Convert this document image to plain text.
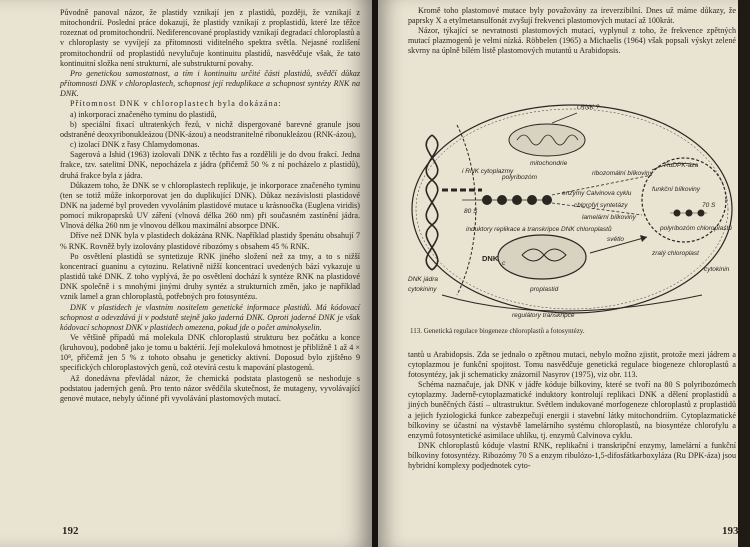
Původně panoval názor, že plastidy vznikají jen z plastidů, později, že vznikají z mitochondrií. Poslední práce dokazují, že plastidy vznikají z proplastidů, které lze těžce rozeznat od promitochondrií. Nediferencované proplastidy vznikají degradací chloroplastů a v chloroplasty se vyvíjejí za přítomnosti viditelného spektra světla. Nejasné rozlišení promitochondrií od proplastidů nevylučuje kontinuitu plastidů, nasvědčuje však, že tato kontinuitní složka není strukturní, ale substrukturní povahy.

Pro genetickou samostatnost, a tím i kontinuitu určité části plastidů, svědčí důkaz přítomnosti DNK v chloroplastech, schopnost její reduplikace a schopnost syntézy RNK na DNK.

Přítomnost DNK v chloroplastech byla dokázána:

a) inkorporací značeného tyminu do plastidů,

b) speciální fixací ultratenkých řezů, v nichž dispergované barevné granule jsou odstraněné deoxyribonukleázou (DNK-ázou) a neodstranitelné ribonukleázou (RNK-ázou),

c) izolací DNK z řasy Chlamydomonas.

Sagerová a Ishid (1963) izolovali DNK z těchto řas a rozdělili je do dvou frakcí. Jedna frakce, tzv. satelitní DNK, nepocházela z jádra (přičemž 50 % z ní pocházelo z plastidů), druhá frakce byla z jádra.

Důkazem toho, že DNK se v chloroplastech replikuje, je inkorporace značeného tyminu (ten se totiž může inkorporovat jen do duplikující DNK). Důkaz nezávislosti plastidové DNK na jaderné byl proveden vyvoláním plastidové mutace u krásnoočka (Euglena viridis) pomocí mikropaprsků UV záření (vlnová délka 260 nm) při současném zastínění jádra. Vlnová délka 260 nm je vlnovou délkou maximální absorpce DNK.

Dříve než DNK byla v plastidech dokázána RNK. Například plastidy špenátu obsahují 7 % RNK. Rovněž byly izolovány plastidové ribozómy s obsahem 45 % RNK.

Po osvětlení plastidů se syntetizuje RNK jiného složení než za tmy, a to s nižší koncentrací guaninu a cytozinu. Relativně nižší koncentrací uvedených bází vykazuje u plastidů také DNK. Z toho vyplývá, že po osvětlení dochází k syntéze RNK na plastidové DNK společně i s mnohými jinými druhy syntéz a strukturních změn, jako je například vznik lamel a gran chloroplastů, potřebných pro fotosyntézu.

DNK v plastidech je vlastním nositelem genetické informace plastidů. Má kódovací schopnost a odevzdává ji v podstatě stejně jako jaderná DNK. Oproti jaderné DNK je však kódovací schopnost DNK v plastidech omezena, pokud jde o počet aminokyselin.

Ve většině případů má molekula DNK chloroplastů strukturu bez počátku a konce (kruhovou), podobně jako je tomu u baktérií. Její molekulová hmotnost je přibližně 1 až 4 × 10⁸, přičemž jen 5 % z tohoto obsahu je geneticky aktivní. Doposud bylo zjištěno 9 specifických chloroplastových genů, což otevírá cestu k mapování plastogenů.

Až donedávna převládal názor, že chemická podstata plastogenů se neshoduje s podstatou jaderných genů. Pro tento názor svědčila skutečnost, že mutageny, vyvolávající genové mutace, nebyly účinné při vyvolávání plastomových mutací.

192

Kromě toho plastomové mutace byly považovány za ireverzibilní. Dnes už máme důkazy, že paprsky X a etylmetansulfonát zvyšují frekvenci plastomových mutací až 100krát.

Názor, týkající se nevratnosti plastomových mutací, vyplynul z toho, že frekvence zpětných mutací plazmogenů je velmi nízká. Röbbelen (1965) a Michaelis (1964) však popsali výskyt zelené skvrny na úplně bílém listě plastomových mutantů u Arabidopsis.

mitochondrie
i RNK ?
i RNK cytoplazmy
polyribozóm
80 S
enzymy Calvinova cyklu
chlorofyl syntetázy
lamelární bílkoviny
ribozomální bílkoviny
RuDPK-áza
funkční bílkoviny
70 S
polyribozóm chloroplastů
induktory replikace a transkripce DNK chloroplastů
DNK
c
proplastid
světlo
zralý chloroplast
cytokinin
DNK jádra
cytokininy
regulátory transkripce
113. Genetická regulace biogeneze chloroplastů a fotosyntézy.

tantů u Arabidopsis. Zda se jednalo o zpětnou mutaci, nebylo možno zjistit, protože mezi jádrem a cytoplazmou je funkční spojitost. Tomu nasvědčuje genetická regulace biogeneze chloroplastů a fotosyntézy, jak ji schematicky znázornil Nasyrov (1975), viz obr. 113.

Schéma naznačuje, jak DNK v jádře kóduje bílkoviny, které se tvoří na 80 S polyribozómech cytoplazmy. Jaderně-cytoplazmatické induktory kontrolují replikaci DNK a dělení proplastidů a jiných buněčných částí – ultrastruktur. Světlem indukované morfogeneze chloroplastů z proplastidů a jejich fyziologická funkce zabezpečují energii i stavební látky mitochondriím. Cytoplazmatické bílkoviny se účastní na výstavbě lamelárního systému chloroplastů, na biosyntéze chlorofylu a enzymů fotosyntetické asimilace uhlíku, tj. enzymů Calvinova cyklu.

DNK chloroplastů kóduje vlastní RNK, replikační i transkripční enzymy, lamelární a funkční bílkoviny fotosyntézy. Ribozómy 70 S a enzym ribulózo-1,5-difosfátkarboxyláza (Ru DPK-áza) jsou hybridní komplexy podjednotek cyto-

193
